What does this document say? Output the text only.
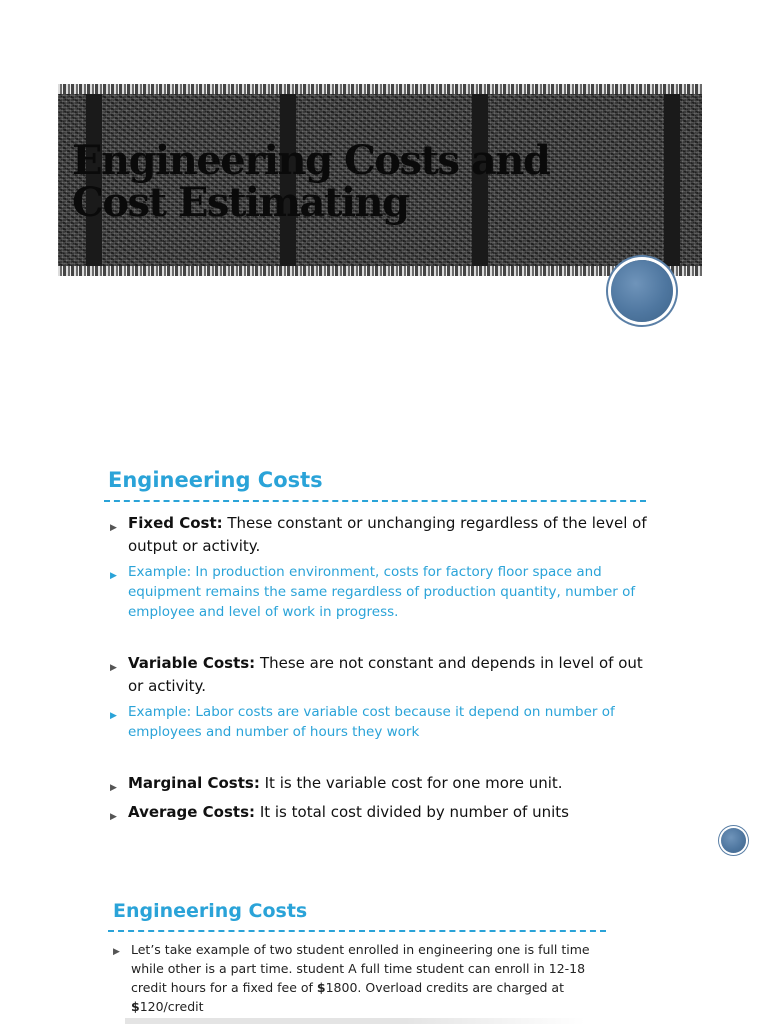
Engineering Costs and Cost Estimating
Engineering Costs
▶ Fixed Cost: These constant or unchanging regardless of the level of output or activity.
▶ Example: In production environment, costs for factory floor space and equipment remains the same regardless of production quantity, number of employee and level of work in progress.
▶ Variable Costs: These are not constant and depends in level of out or activity.
▶ Example: Labor costs are variable cost because it depend on number of employees and number of hours they work
▶ Marginal Costs: It is the variable cost for one more unit.
▶ Average Costs: It is total cost divided by number of units
Engineering Costs
▶ Let’s take example of two student enrolled in engineering one is full time while other is a part time. student A full time student can enroll in 12-18 credit hours for a fixed fee of $1800. Overload credits are charged at $120/credit
